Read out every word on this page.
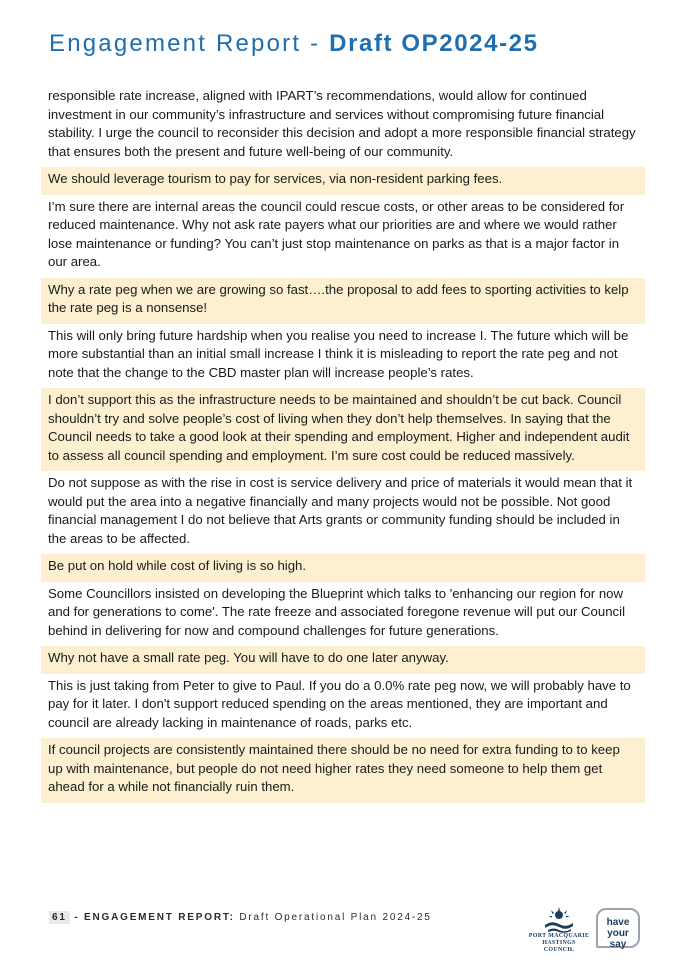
Engagement Report - Draft OP2024-25
responsible rate increase, aligned with IPART’s recommendations, would allow for continued investment in our community’s infrastructure and services without compromising future financial stability. I urge the council to reconsider this decision and adopt a more responsible financial strategy that ensures both the present and future well-being of our community.
We should leverage tourism to pay for services, via non-resident parking fees.
I’m sure there are internal areas the council could rescue costs, or other areas to be considered for reduced maintenance. Why not ask rate payers what our priorities are and where we would rather lose maintenance or funding? You can’t just stop maintenance on parks as that is a major factor in our area.
Why a rate peg when we are growing so fast….the proposal to add fees to sporting activities to kelp the rate peg is a nonsense!
This will only bring future hardship when you realise you need to increase I. The future which will be more substantial than an initial small increase I think it is misleading to report the rate peg and not note that the change to the CBD master plan will increase people’s rates.
I don’t support this as the infrastructure needs to be maintained and shouldn’t be cut back. Council shouldn’t try and solve people’s cost of living when they don’t help themselves. In saying that the Council needs to take a good look at their spending and employment. Higher and independent audit to assess all council spending and employment. I’m sure cost could be reduced massively.
Do not suppose as with the rise in cost is service delivery and price of materials it would mean that it would put the area into a negative financially and many projects would not be possible. Not good financial management I do not believe that Arts grants or community funding should be included in the areas to be affected.
Be put on hold while cost of living is so high.
Some Councillors insisted on developing the Blueprint which talks to 'enhancing our region for now and for generations to come'. The rate freeze and associated foregone revenue will put our Council behind in delivering for now and compound challenges for future generations.
Why not have a small rate peg. You will have to do one later anyway.
This is just taking from Peter to give to Paul. If you do a 0.0% rate peg now, we will probably have to pay for it later. I don't support reduced spending on the areas mentioned, they are important and council are already lacking in maintenance of roads, parks etc.
If council projects are consistently maintained there should be no need for extra funding to to keep up with maintenance, but people do not need higher rates they need someone to help them get ahead for a while not financially ruin them.
61 - ENGAGEMENT REPORT: Draft Operational Plan 2024-25
PORT MACQUARIE
HASTINGS COUNCIL
have
your say
